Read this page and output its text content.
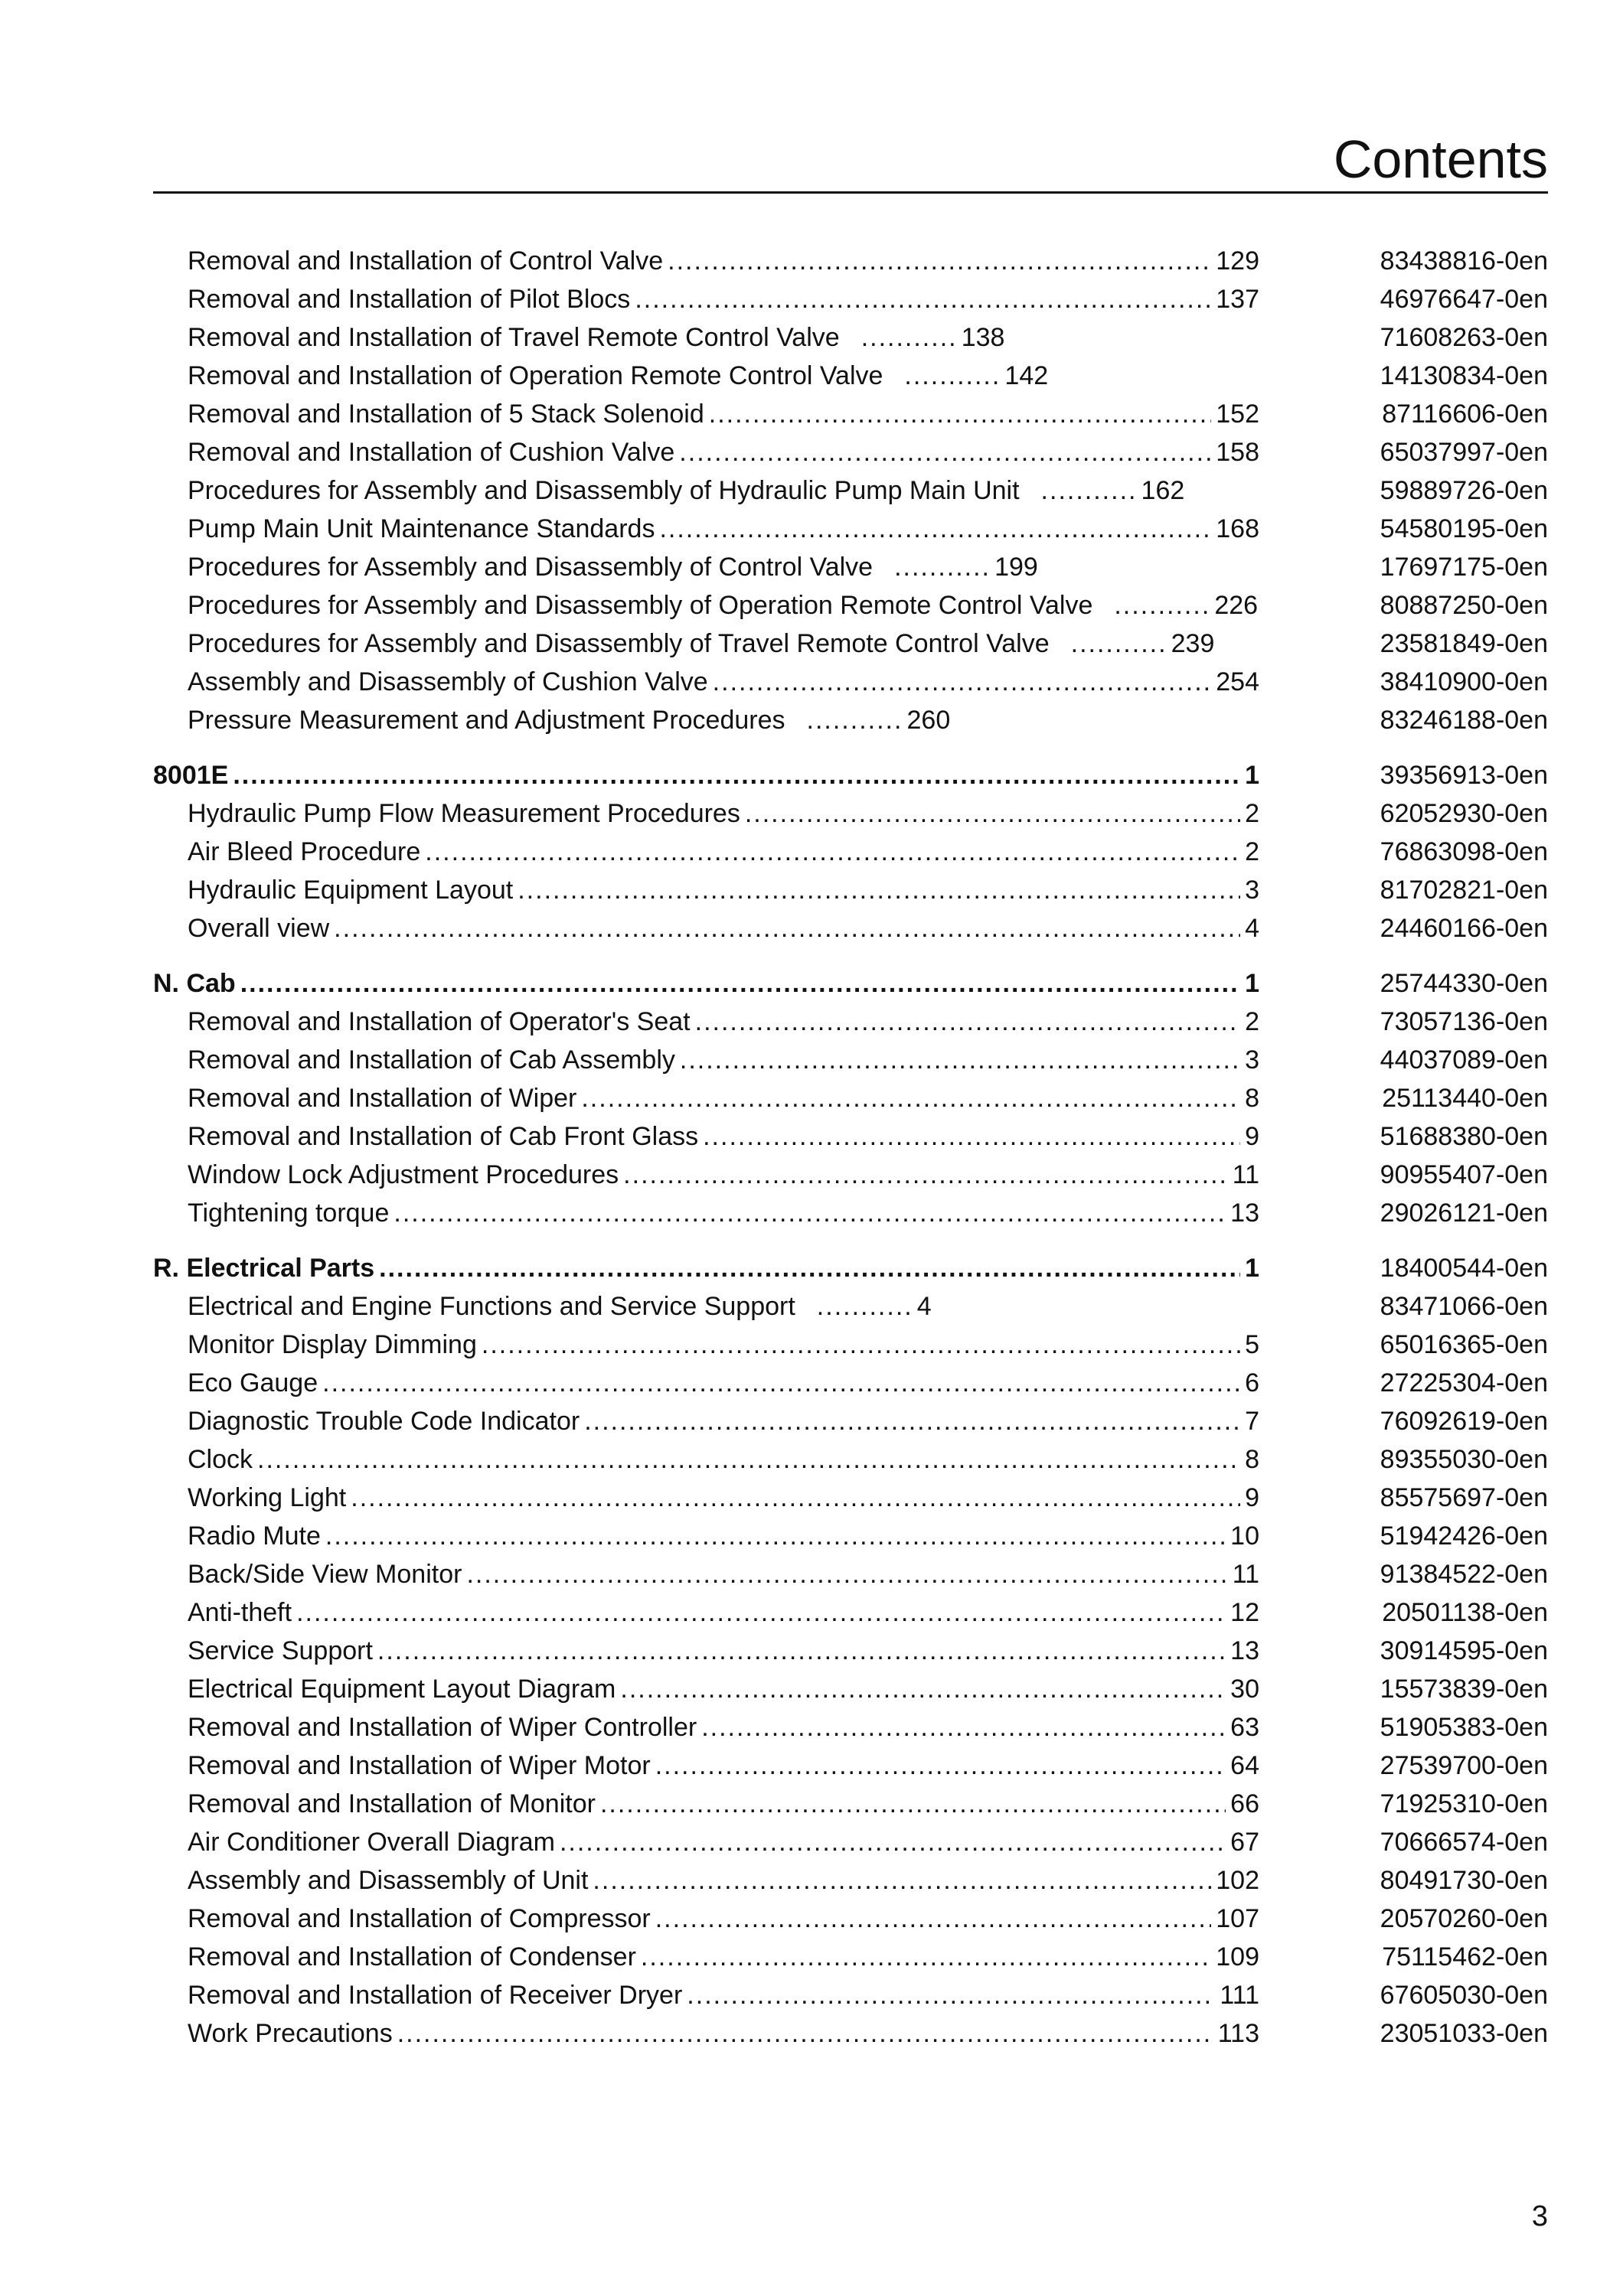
Contents
Removal and Installation of Control Valve .....	129	83438816-0en
Removal and Installation of Pilot Blocs .....	137	46976647-0en
Removal and Installation of Travel Remote Control Valve .....	138	71608263-0en
Removal and Installation of Operation Remote Control Valve .....	142	14130834-0en
Removal and Installation of 5 Stack Solenoid .....	152	87116606-0en
Removal and Installation of Cushion Valve .....	158	65037997-0en
Procedures for Assembly and Disassembly of Hydraulic Pump Main Unit .....	162	59889726-0en
Pump Main Unit Maintenance Standards .....	168	54580195-0en
Procedures for Assembly and Disassembly of Control Valve .....	199	17697175-0en
Procedures for Assembly and Disassembly of Operation Remote Control Valve .....	226	80887250-0en
Procedures for Assembly and Disassembly of Travel Remote Control Valve .....	239	23581849-0en
Assembly and Disassembly of Cushion Valve .....	254	38410900-0en
Pressure Measurement and Adjustment Procedures .....	260	83246188-0en
8001E .....	1	39356913-0en
Hydraulic Pump Flow Measurement Procedures .....	2	62052930-0en
Air Bleed Procedure .....	2	76863098-0en
Hydraulic Equipment Layout .....	3	81702821-0en
Overall view .....	4	24460166-0en
N. Cab .....	1	25744330-0en
Removal and Installation of Operator's Seat .....	2	73057136-0en
Removal and Installation of Cab Assembly .....	3	44037089-0en
Removal and Installation of Wiper .....	8	25113440-0en
Removal and Installation of Cab Front Glass .....	9	51688380-0en
Window Lock Adjustment Procedures .....	11	90955407-0en
Tightening torque .....	13	29026121-0en
R. Electrical Parts .....	1	18400544-0en
Electrical and Engine Functions and Service Support .....	4	83471066-0en
Monitor Display Dimming .....	5	65016365-0en
Eco Gauge .....	6	27225304-0en
Diagnostic Trouble Code Indicator .....	7	76092619-0en
Clock .....	8	89355030-0en
Working Light .....	9	85575697-0en
Radio Mute .....	10	51942426-0en
Back/Side View Monitor .....	11	91384522-0en
Anti-theft .....	12	20501138-0en
Service Support .....	13	30914595-0en
Electrical Equipment Layout Diagram .....	30	15573839-0en
Removal and Installation of Wiper Controller .....	63	51905383-0en
Removal and Installation of Wiper Motor .....	64	27539700-0en
Removal and Installation of Monitor .....	66	71925310-0en
Air Conditioner Overall Diagram .....	67	70666574-0en
Assembly and Disassembly of Unit .....	102	80491730-0en
Removal and Installation of Compressor .....	107	20570260-0en
Removal and Installation of Condenser .....	109	75115462-0en
Removal and Installation of Receiver Dryer .....	111	67605030-0en
Work Precautions .....	113	23051033-0en
3
